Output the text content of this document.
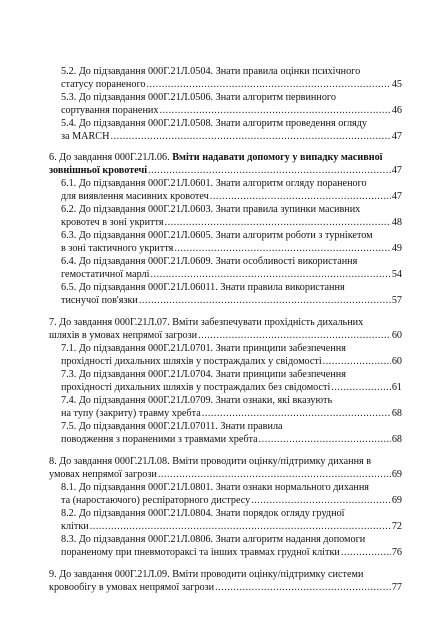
5.2. До підзавдання 000Г.21Л.0504. Знати правила оцінки психічного
статусу пораненого .....	45
5.3. До підзавдання 000Г.21Л.0506. Знати алгоритм первинного
сортування поранених .....	46
5.4. До підзавдання 000Г.21Л.0508. Знати алгоритм проведення огляду
за MARCH .....	47
6. До завдання 000Г.21Л.06. Вміти надавати допомогу у випадку масивної
зовнішньої кровотечі .....	47
6.1. До підзавдання 000Г.21Л.0601. Знати алгоритм огляду пораненого
для виявлення масивних кровотеч .....	47
6.2. До підзавдання 000Г.21Л.0603. Знати правила зупинки масивних
кровотеч в зоні укриття .....	48
6.3. До підзавдання 000Г.21Л.0605. Знати алгоритм роботи з турнікетом
в зоні тактичного укриття .....	49
6.4. До підзавдання 000Г.21Л.0609. Знати особливості використання
гемостатичної марлі .....	54
6.5. До підзавдання 000Г.21Л.06011. Знати правила використання
тиснучої пов'язки .....	57
7. До завдання 000Г.21Л.07. Вміти забезпечувати прохідність дихальних
шляхів в умовах непрямої загрози .....	60
7.1. До підзавдання 000Г.21Л.0701. Знати принципи забезпечення
прохідності дихальних шляхів у постраждалих у свідомості .....	60
7.3. До підзавдання 000Г.21Л.0704. Знати принципи забезпечення
прохідності дихальних шляхів у постраждалих без свідомості .....	61
7.4. До підзавдання 000Г.21Л.0709. Знати ознаки, які вказують
на тупу (закриту) травму хребта .....	68
7.5. До підзавдання 000Г.21Л.07011. Знати правила
поводження з пораненими з травмами хребта .....	68
8. До завдання 000Г.21Л.08. Вміти проводити оцінку/підтримку дихання в
умовах непрямої загрози .....	69
8.1. До підзавдання 000Г.21Л.0801. Знати ознаки нормального дихання
та (наростаючого) респіраторного дистресу .....	69
8.2. До підзавдання 000Г.21Л.0804. Знати порядок огляду грудної
клітки .....	72
8.3. До підзавдання 000Г.21Л.0806. Знати алгоритм надання допомоги
пораненому при пневмотораксі та інших травмах грудної клітки .....	76
9. До завдання 000Г.21Л.09. Вміти проводити оцінку/підтримку системи
кровообігу в умовах непрямої загрози .....	77
